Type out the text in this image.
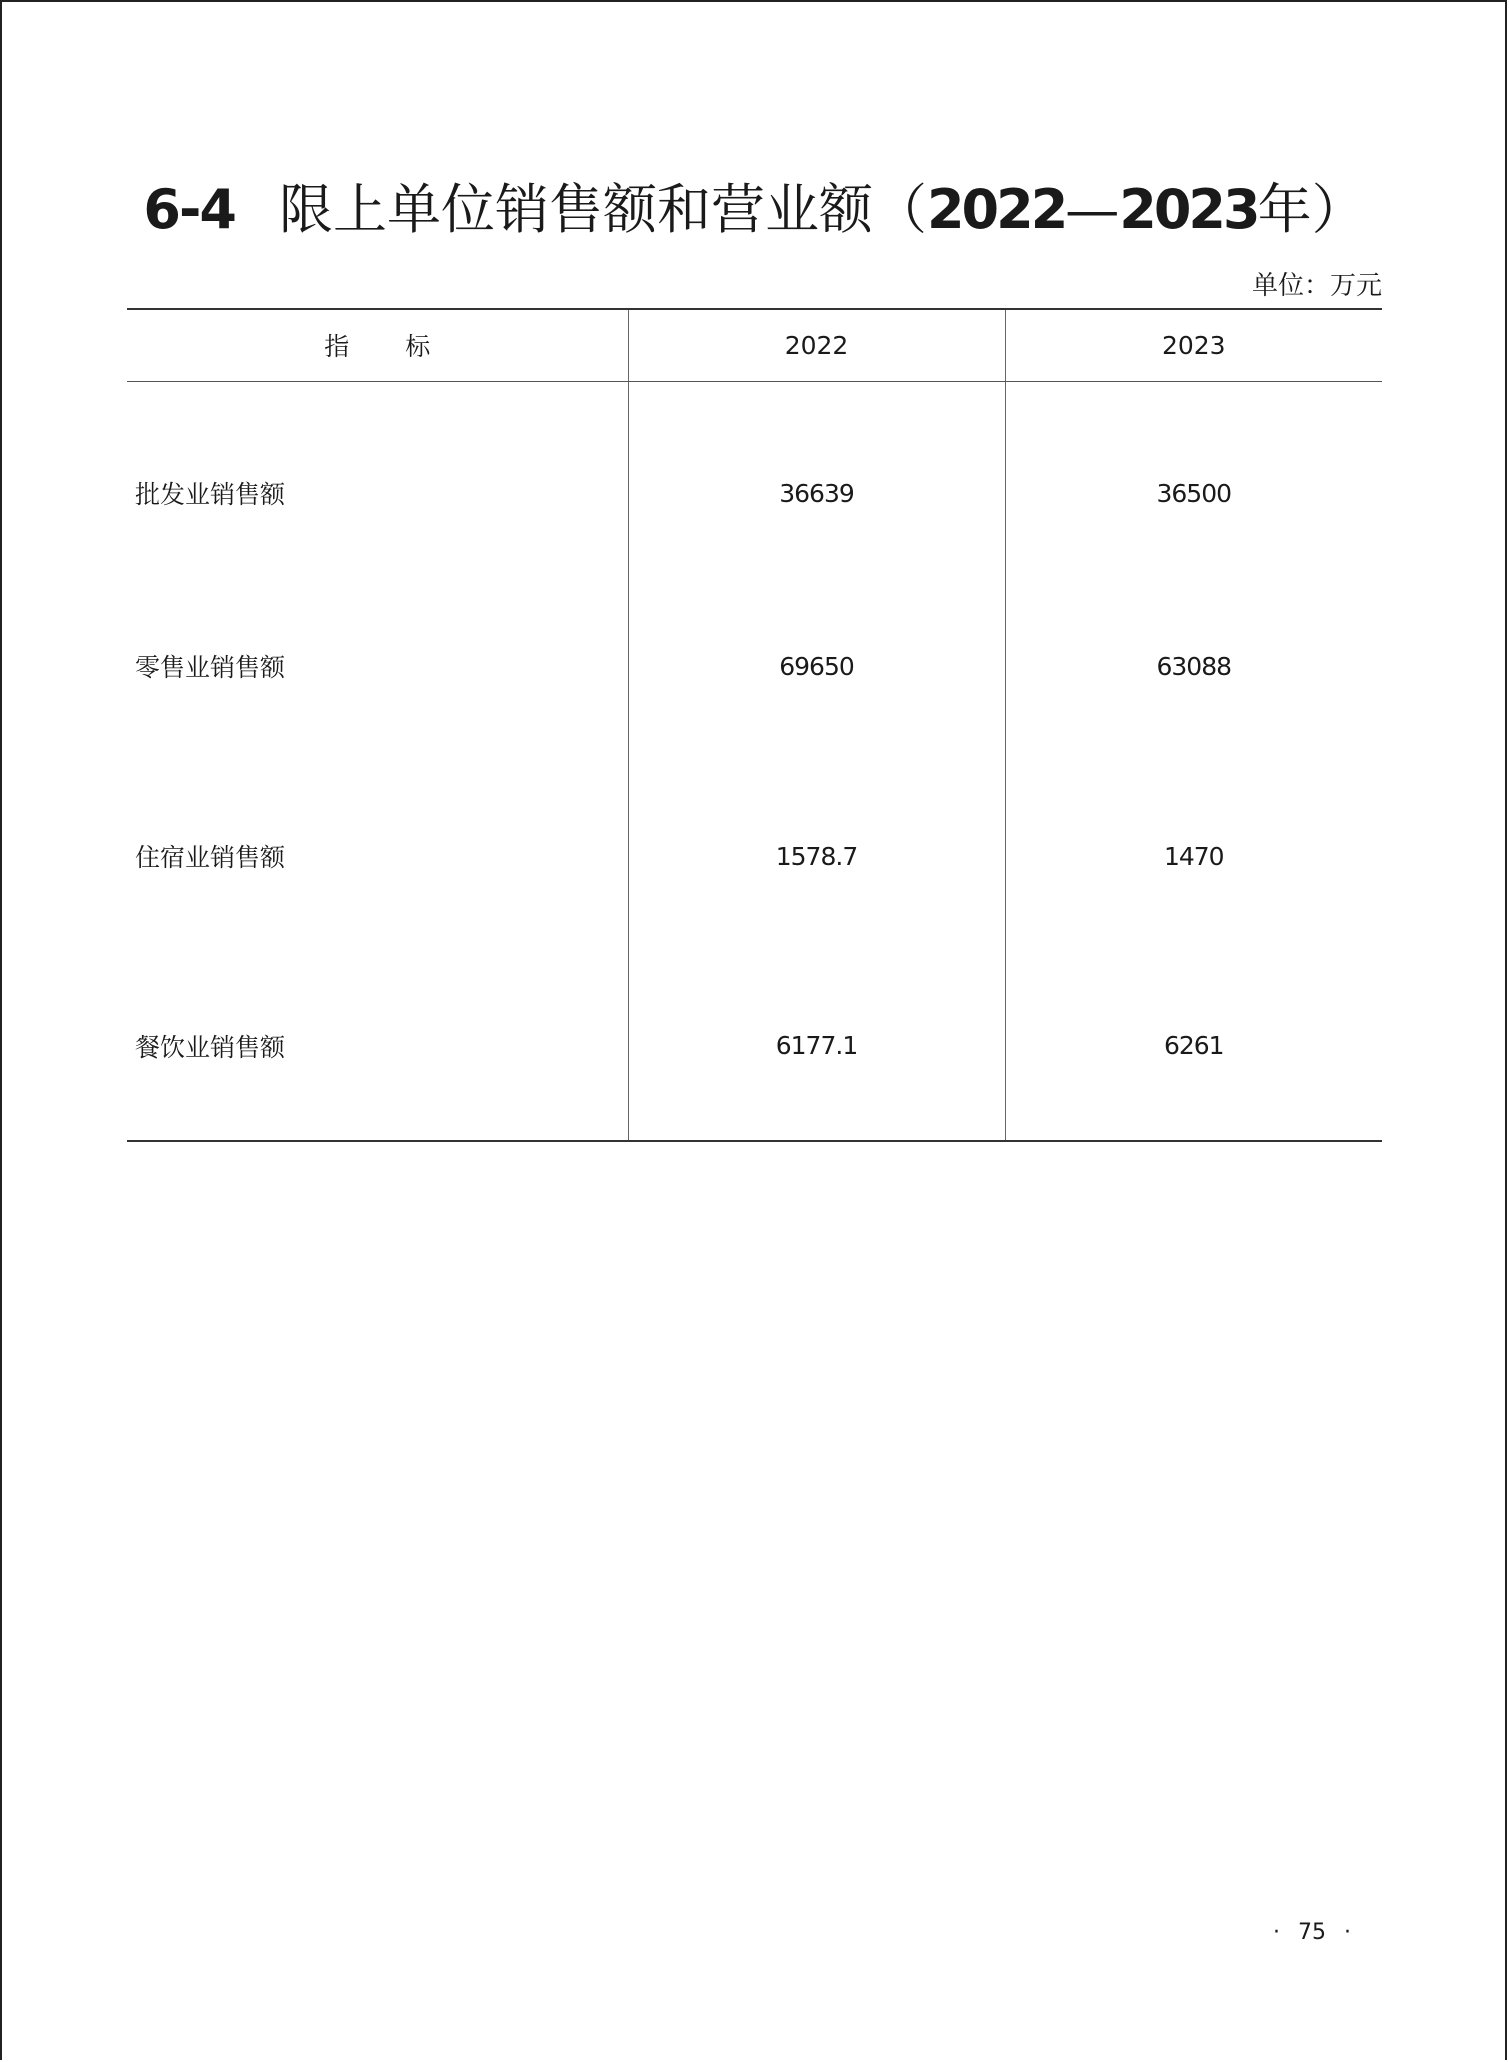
6-4 限上单位销售额和营业额（2022—2023年）
单位：万元
指标	2022	2023
批发业销售额	36639	36500
零售业销售额	69650	63088
住宿业销售额	1578.7	1470
餐饮业销售额	6177.1	6261
· 75 ·
